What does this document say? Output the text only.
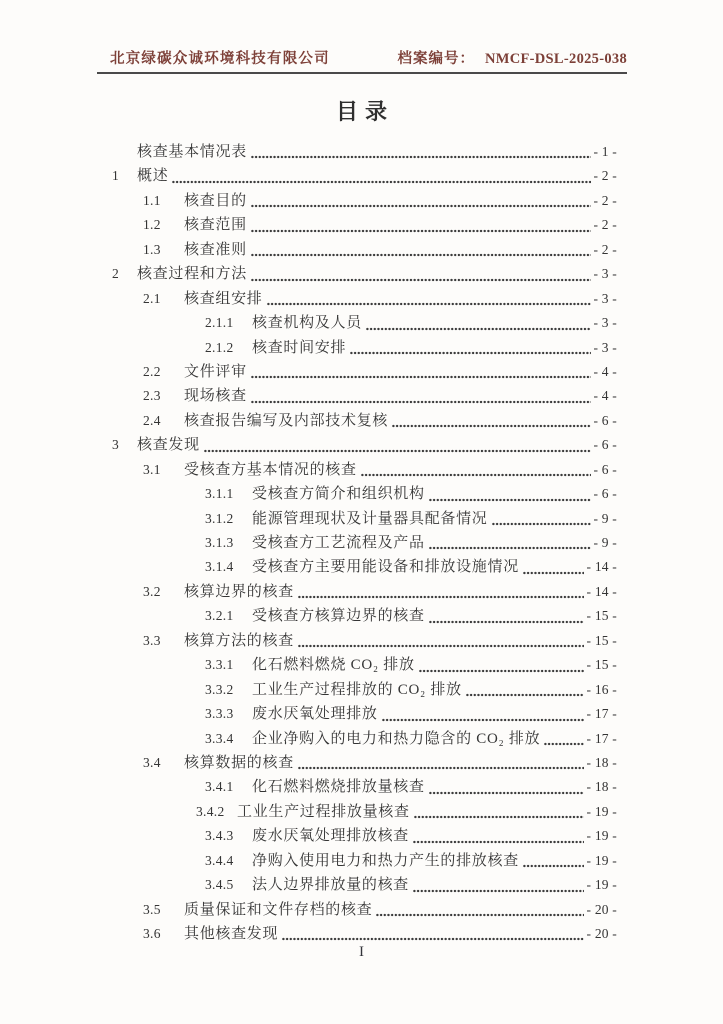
北京绿碳众诚环境科技有限公司	档案编号： NMCF-DSL-2025-038
目录
核查基本情况表	- 1 -
1	概述	- 2 -
1.1	核查目的	- 2 -
1.2	核查范围	- 2 -
1.3	核查准则	- 2 -
2	核查过程和方法	- 3 -
2.1	核查组安排	- 3 -
2.1.1	核查机构及人员	- 3 -
2.1.2	核查时间安排	- 3 -
2.2	文件评审	- 4 -
2.3	现场核查	- 4 -
2.4	核查报告编写及内部技术复核	- 6 -
3	核查发现	- 6 -
3.1	受核查方基本情况的核查	- 6 -
3.1.1	受核查方简介和组织机构	- 6 -
3.1.2	能源管理现状及计量器具配备情况	- 9 -
3.1.3	受核查方工艺流程及产品	- 9 -
3.1.4	受核查方主要用能设备和排放设施情况	- 14 -
3.2	核算边界的核查	- 14 -
3.2.1	受核查方核算边界的核查	- 15 -
3.3	核算方法的核查	- 15 -
3.3.1	化石燃料燃烧 CO₂ 排放	- 15 -
3.3.2	工业生产过程排放的 CO₂ 排放	- 16 -
3.3.3	废水厌氧处理排放	- 17 -
3.3.4	企业净购入的电力和热力隐含的 CO₂ 排放	- 17 -
3.4	核算数据的核查	- 18 -
3.4.1	化石燃料燃烧排放量核查	- 18 -
3.4.2 工业生产过程排放量核查	- 19 -
3.4.3	废水厌氧处理排放核查	- 19 -
3.4.4	净购入使用电力和热力产生的排放核查	- 19 -
3.4.5	法人边界排放量的核查	- 19 -
3.5	质量保证和文件存档的核查	- 20 -
3.6	其他核查发现	- 20 -
I
